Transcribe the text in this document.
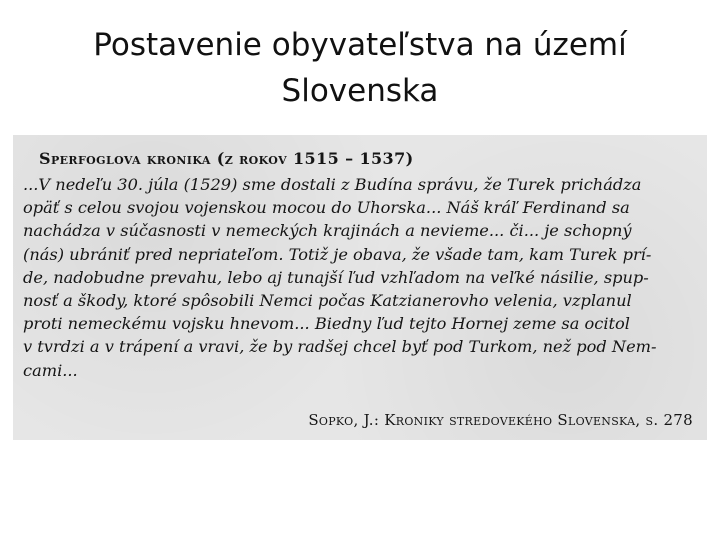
Postavenie obyvateľstva na území Slovenska
Sperfoglova kronika (z rokov 1515 – 1537)
...V nedeľu 30. júla (1529) sme dostali z Budína správu, že Turek prichádza
opäť s celou svojou vojenskou mocou do Uhorska... Náš kráľ Ferdinand sa
nachádza v súčasnosti v nemeckých krajinách a nevieme... či... je schopný
(nás) ubrániť pred nepriateľom. Totiž je obava, že všade tam, kam Turek prí-
de, nadobudne prevahu, lebo aj tunajší ľud vzhľadom na veľké násilie, spup-
nosť a škody, ktoré spôsobili Nemci počas Katzianerovho velenia, vzplanul
proti nemeckému vojsku hnevom... Biedny ľud tejto Hornej zeme sa ocitol
v tvrdzi a v trápení a vravi, že by radšej chcel byť pod Turkom, než pod Nem-
cami...
Sopko, J.: Kroniky stredovekého Slovenska, s. 278
